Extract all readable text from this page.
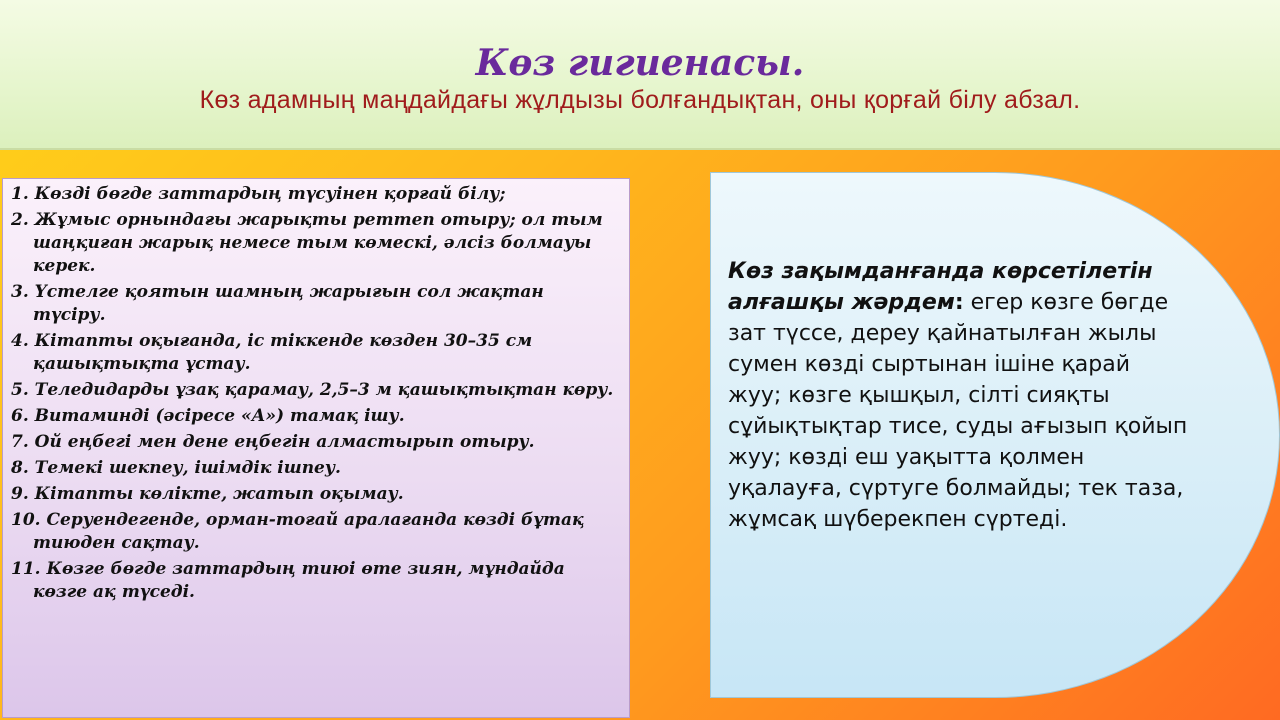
Көз гигиенасы.

Көз адамның маңдайдағы жұлдызы болғандықтан, оны қорғай білу абзал.

1. Көзді бөгде заттардың түсуінен қорғай білу;
2. Жұмыс орнындағы жарықты реттеп отыру; ол тым шаңқиған жарық немесе тым көмескі, әлсіз болмауы керек.
3. Үстелге қоятын шамның жарығын сол жақтан түсіру.
4. Кітапты оқығанда, іс тіккенде көзден 30–35 см қашықтықта ұстау.
5. Теледидарды ұзақ қарамау, 2,5–3 м қашықтықтан көру.
6. Витаминді (әсіресе «А») тамақ ішу.
7. Ой еңбегі мен дене еңбегін алмастырып отыру.
8. Темекі шекпеу, ішімдік ішпеу.
9. Кітапты көлікте, жатып оқымау.
10. Серуендегенде, орман-тоғай аралағанда көзді бұтақ тиюден сақтау.
11. Көзге бөгде заттардың тиюі өте зиян, мұндайда көзге ақ түседі.

Көз зақымданғанда көрсетілетін алғашқы жәрдем: егер көзге бөгде зат түссе, дереу қайнатылған жылы сумен көзді сыртынан ішіне қарай жуу; көзге қышқыл, сілті сияқты сұйықтықтар тисе, суды ағызып қойып жуу; көзді еш уақытта қолмен уқалауға, сүртуге болмайды; тек таза, жұмсақ шүберекпен сүртеді.
